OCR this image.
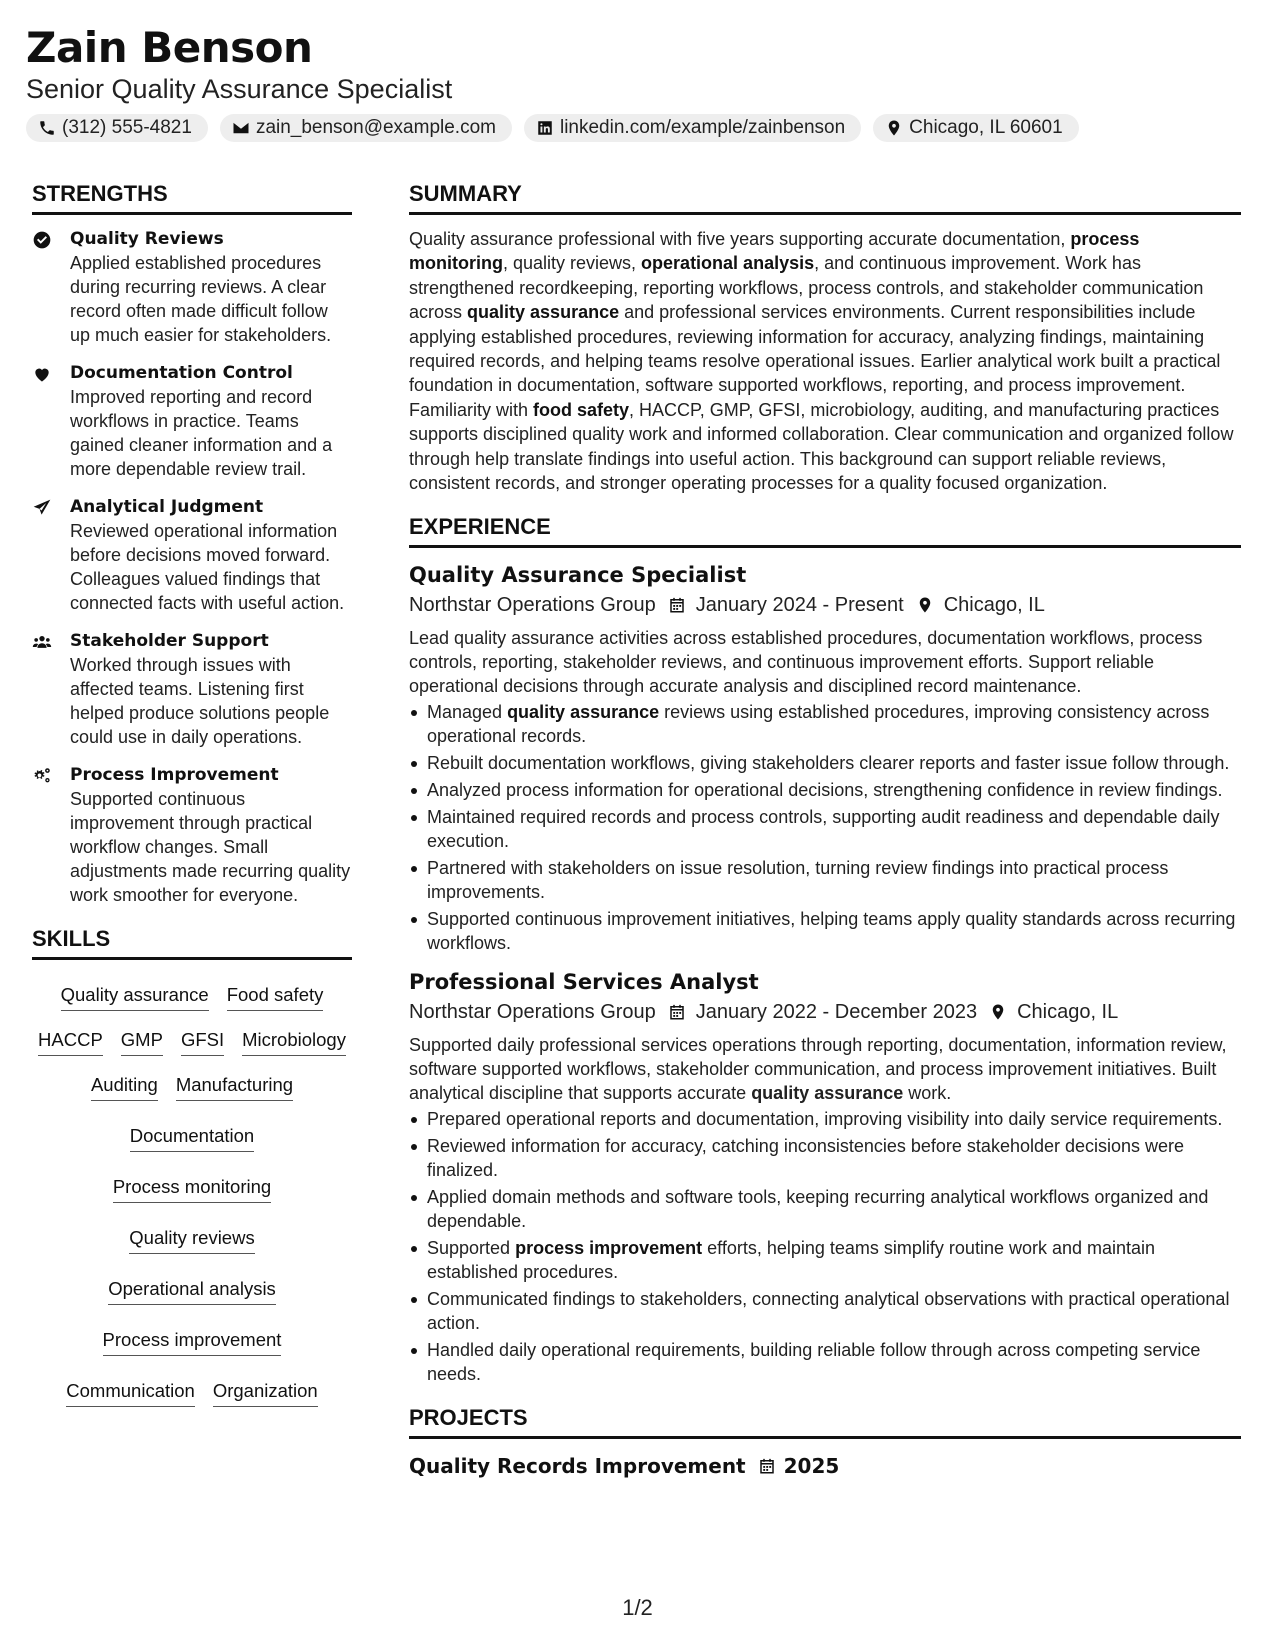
Zain Benson
Senior Quality Assurance Specialist
(312) 555-4821	zain_benson@example.com	linkedin.com/example/zainbenson	Chicago, IL 60601
STRENGTHS
Quality Reviews
Applied established procedures during recurring reviews. A clear record often made difficult follow up much easier for stakeholders.
Documentation Control
Improved reporting and record workflows in practice. Teams gained cleaner information and a more dependable review trail.
Analytical Judgment
Reviewed operational information before decisions moved forward. Colleagues valued findings that connected facts with useful action.
Stakeholder Support
Worked through issues with affected teams. Listening first helped produce solutions people could use in daily operations.
Process Improvement
Supported continuous improvement through practical workflow changes. Small adjustments made recurring quality work smoother for everyone.
SKILLS
Quality assurance Food safety
HACCP GMP GFSI Microbiology
Auditing Manufacturing
Documentation
Process monitoring
Quality reviews
Operational analysis
Process improvement
Communication Organization
SUMMARY

Quality assurance professional with five years supporting accurate documentation, process monitoring, quality reviews, operational analysis, and continuous improvement. Work has strengthened recordkeeping, reporting workflows, process controls, and stakeholder communication across quality assurance and professional services environments. Current responsibilities include applying established procedures, reviewing information for accuracy, analyzing findings, maintaining required records, and helping teams resolve operational issues. Earlier analytical work built a practical foundation in documentation, software supported workflows, reporting, and process improvement. Familiarity with food safety, HACCP, GMP, GFSI, microbiology, auditing, and manufacturing practices supports disciplined quality work and informed collaboration. Clear communication and organized follow through help translate findings into useful action. This background can support reliable reviews, consistent records, and stronger operating processes for a quality focused organization.

EXPERIENCE
Quality Assurance Specialist
Northstar Operations Group January 2024 - Present Chicago, IL

Lead quality assurance activities across established procedures, documentation workflows, process controls, reporting, stakeholder reviews, and continuous improvement efforts. Support reliable operational decisions through accurate analysis and disciplined record maintenance.

Managed quality assurance reviews using established procedures, improving consistency across operational records.
Rebuilt documentation workflows, giving stakeholders clearer reports and faster issue follow through.
Analyzed process information for operational decisions, strengthening confidence in review findings.
Maintained required records and process controls, supporting audit readiness and dependable daily execution.
Partnered with stakeholders on issue resolution, turning review findings into practical process improvements.
Supported continuous improvement initiatives, helping teams apply quality standards across recurring workflows.
Professional Services Analyst
Northstar Operations Group January 2022 - December 2023 Chicago, IL

Supported daily professional services operations through reporting, documentation, information review, software supported workflows, stakeholder communication, and process improvement initiatives. Built analytical discipline that supports accurate quality assurance work.

Prepared operational reports and documentation, improving visibility into daily service requirements.
Reviewed information for accuracy, catching inconsistencies before stakeholder decisions were finalized.
Applied domain methods and software tools, keeping recurring analytical workflows organized and dependable.
Supported process improvement efforts, helping teams simplify routine work and maintain established procedures.
Communicated findings to stakeholders, connecting analytical observations with practical operational action.
Handled daily operational requirements, building reliable follow through across competing service needs.
PROJECTS
Quality Records Improvement 2025
1/2
